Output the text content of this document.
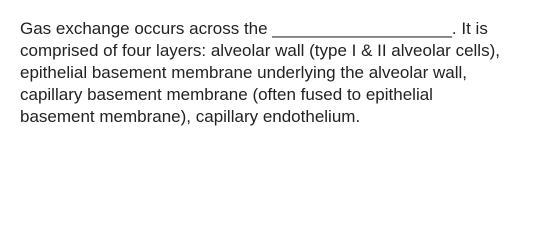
Gas exchange occurs across the ___________________. It is
comprised of four layers: alveolar wall (type I & II alveolar cells),
epithelial basement membrane underlying the alveolar wall,
capillary basement membrane (often fused to epithelial
basement membrane), capillary endothelium.
